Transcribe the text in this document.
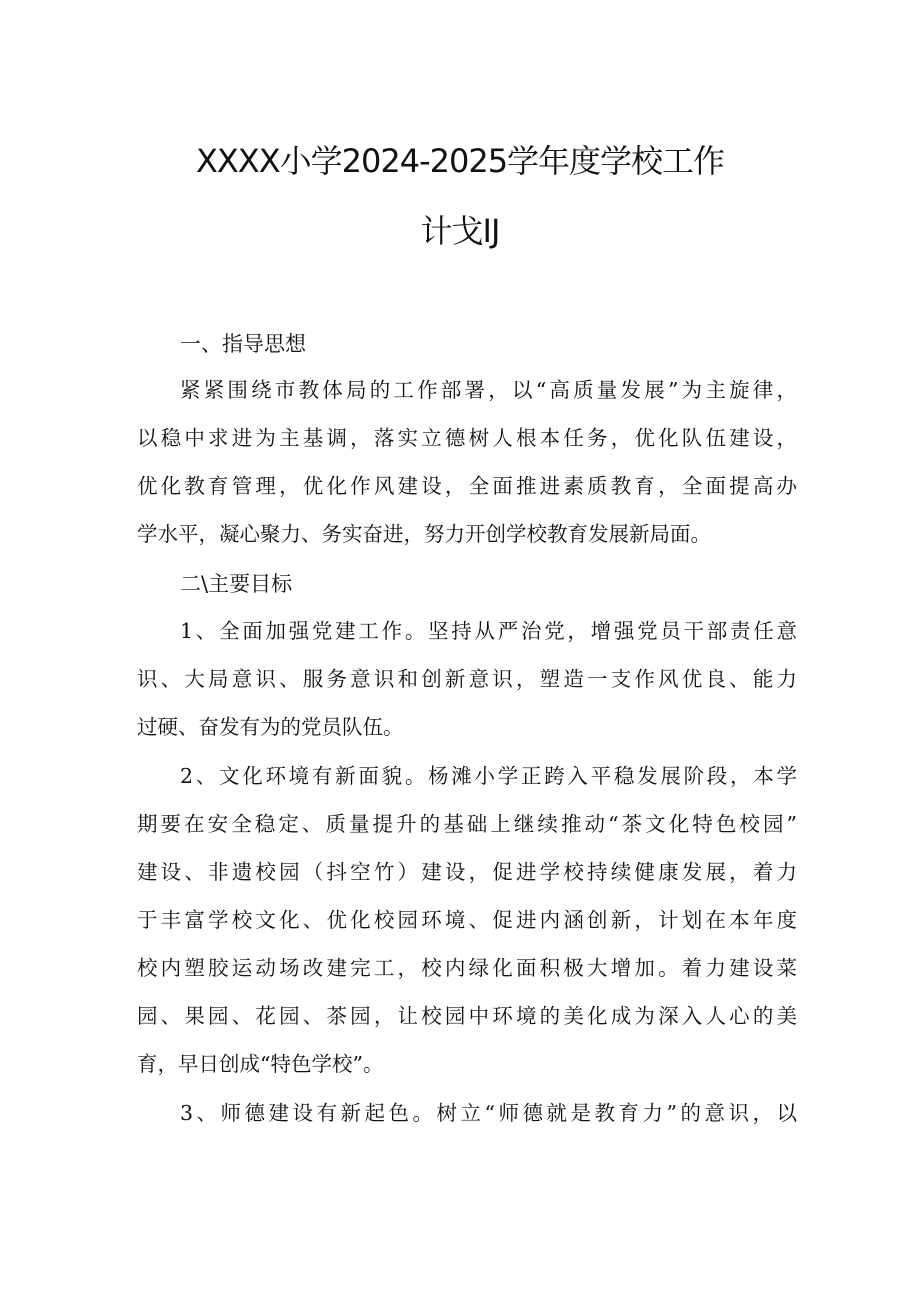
XXXX小学2024-2025学年度学校工作
计戈IJ
一、指导思想
紧紧围绕市教体局的工作部署，以“高质量发展”为主旋律，
以稳中求进为主基调，落实立德树人根本任务，优化队伍建设，
优化教育管理，优化作风建设，全面推进素质教育，全面提高办
学水平，凝心聚力、务实奋进，努力开创学校教育发展新局面。
二\主要目标
1、全面加强党建工作。坚持从严治党，增强党员干部责任意
识、大局意识、服务意识和创新意识，塑造一支作风优良、能力
过硬、奋发有为的党员队伍。
2、文化环境有新面貌。杨滩小学正跨入平稳发展阶段，本学
期要在安全稳定、质量提升的基础上继续推动“茶文化特色校园”
建设、非遗校园（抖空竹）建设，促进学校持续健康发展，着力
于丰富学校文化、优化校园环境、促进内涵创新，计划在本年度
校内塑胶运动场改建完工，校内绿化面积极大增加。着力建设菜
园、果园、花园、茶园，让校园中环境的美化成为深入人心的美
育，早日创成“特色学校”。
3、师德建设有新起色。树立“师德就是教育力”的意识，以
